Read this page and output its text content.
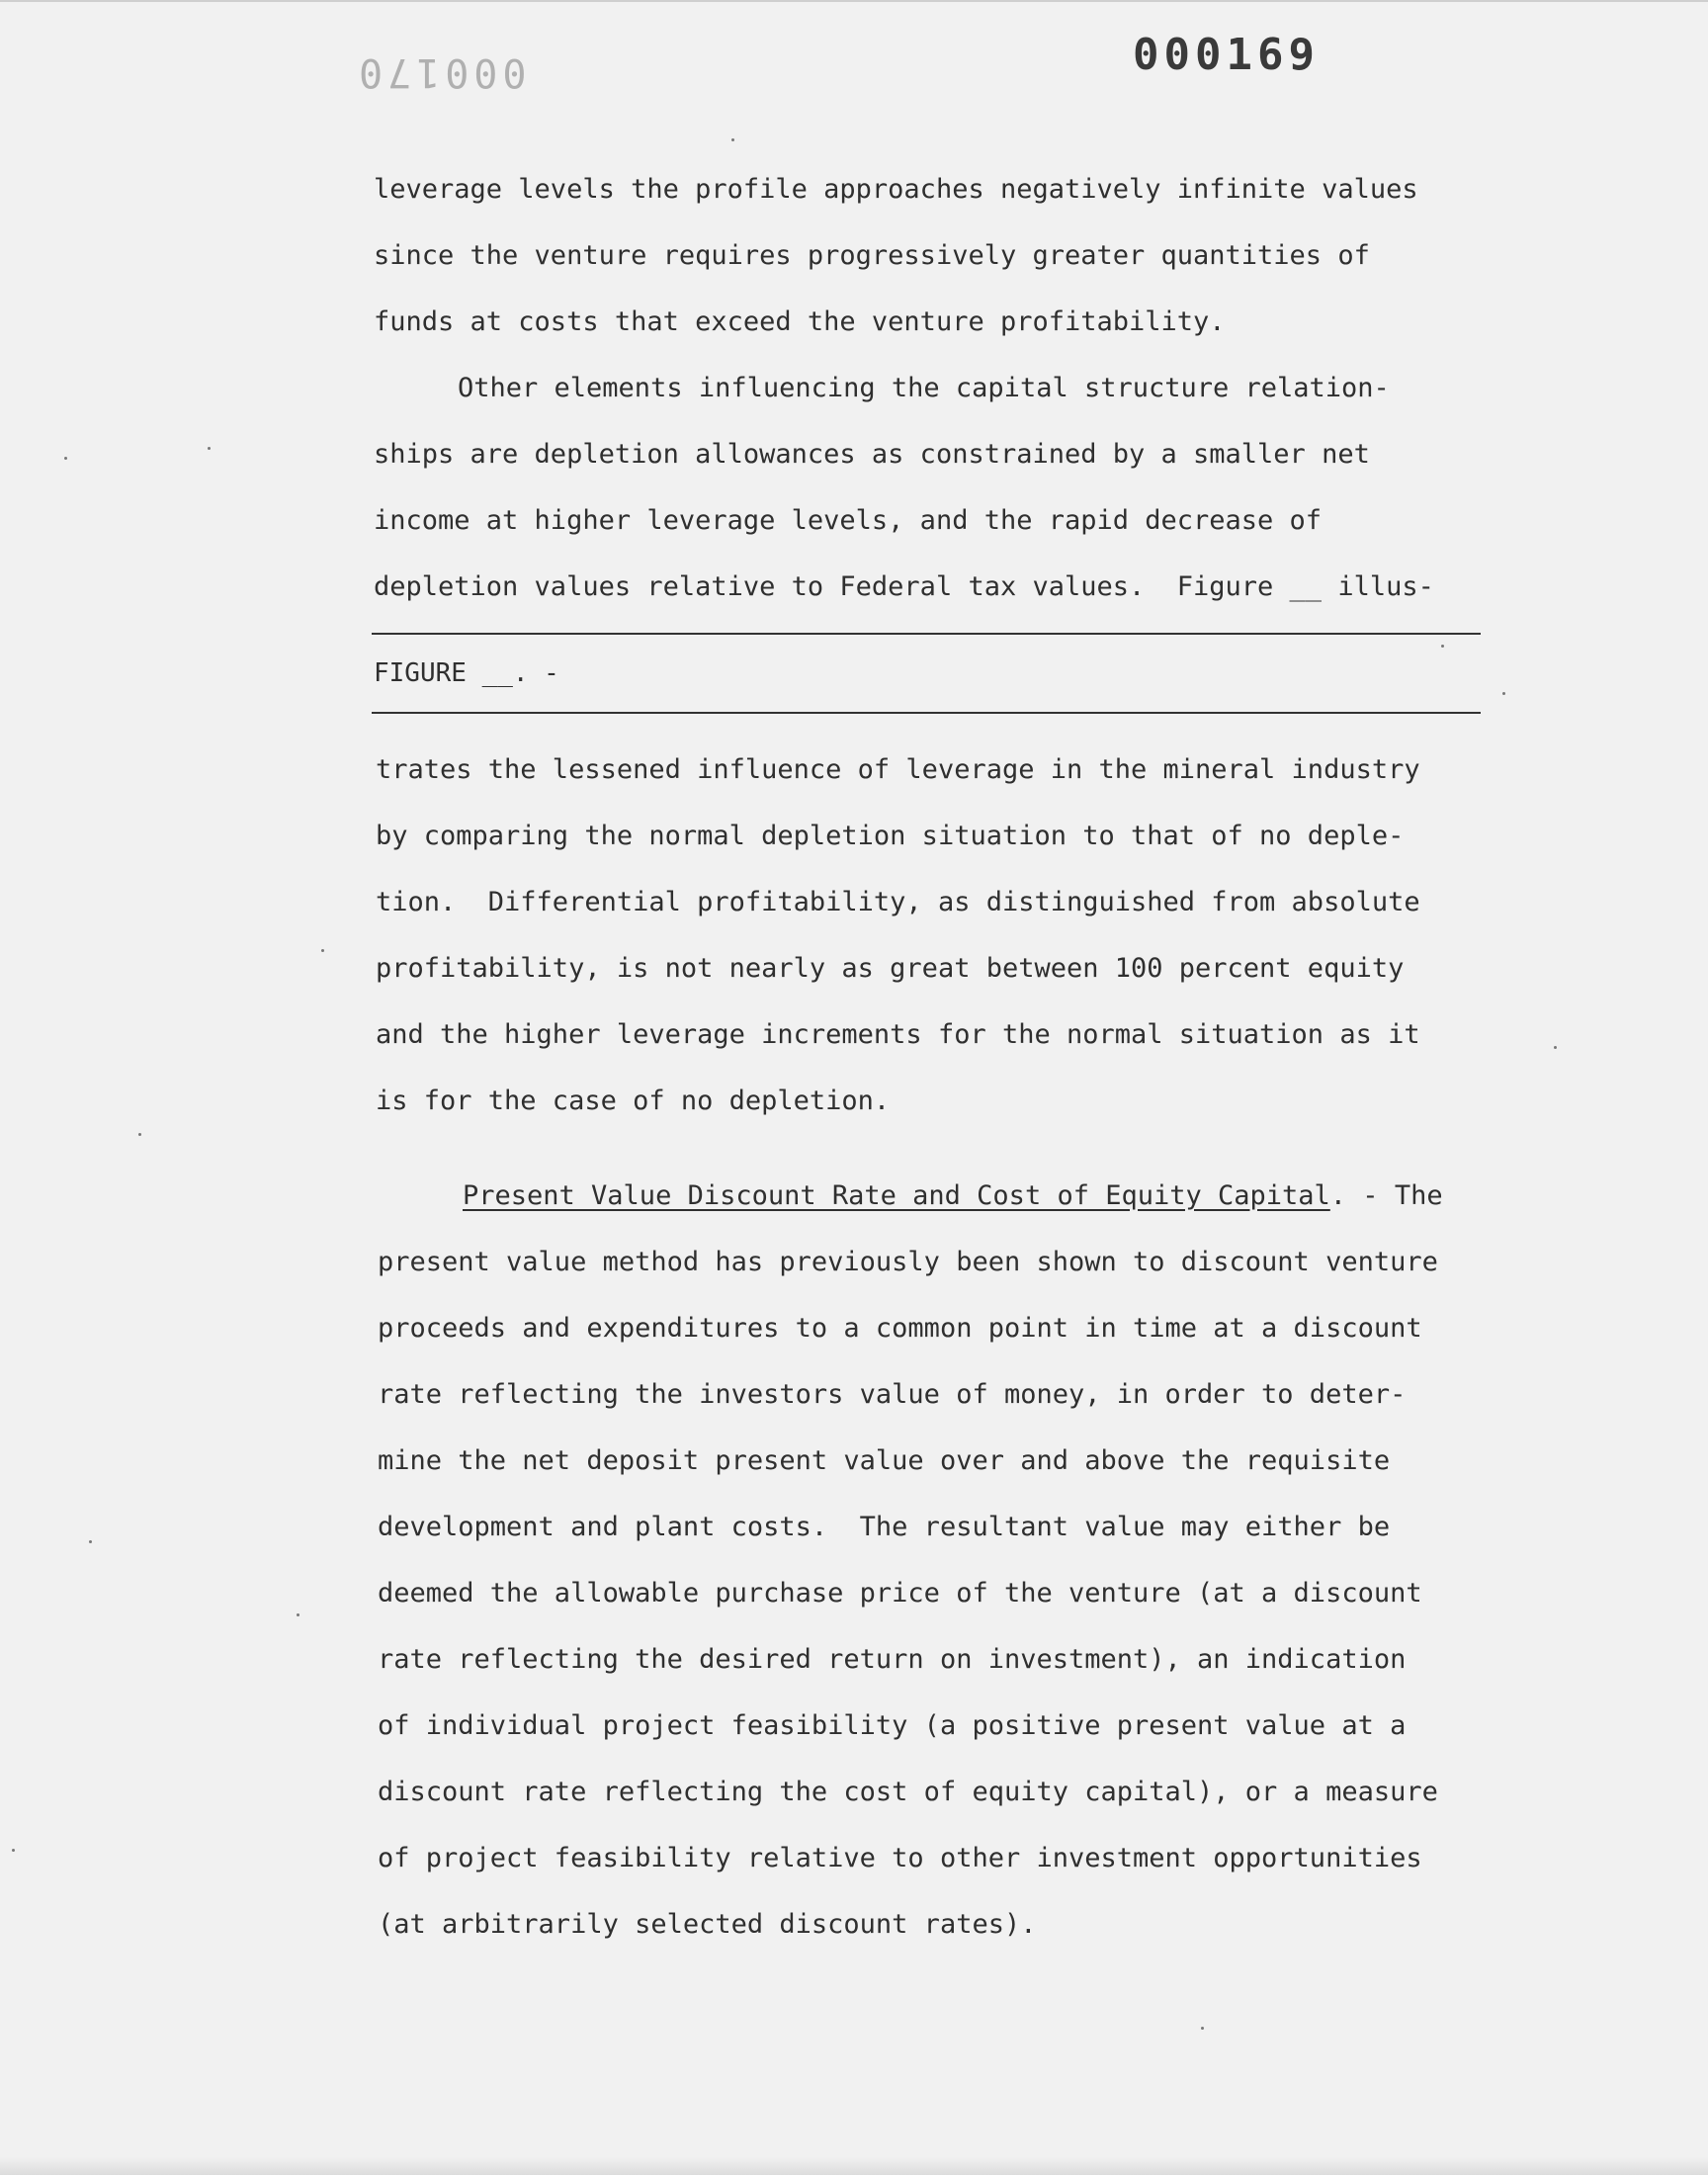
000170	000169
leverage levels the profile approaches negatively infinite values
since the venture requires progressively greater quantities of
funds at costs that exceed the venture profitability.
Other elements influencing the capital structure relation-
ships are depletion allowances as constrained by a smaller net
income at higher leverage levels, and the rapid decrease of
depletion values relative to Federal tax values.  Figure __ illus-
FIGURE __. -
trates the lessened influence of leverage in the mineral industry
by comparing the normal depletion situation to that of no deple-
tion.  Differential profitability, as distinguished from absolute
profitability, is not nearly as great between 100 percent equity
and the higher leverage increments for the normal situation as it
is for the case of no depletion.
Present Value Discount Rate and Cost of Equity Capital. - The
present value method has previously been shown to discount venture
proceeds and expenditures to a common point in time at a discount
rate reflecting the investors value of money, in order to deter-
mine the net deposit present value over and above the requisite
development and plant costs.  The resultant value may either be
deemed the allowable purchase price of the venture (at a discount
rate reflecting the desired return on investment), an indication
of individual project feasibility (a positive present value at a
discount rate reflecting the cost of equity capital), or a measure
of project feasibility relative to other investment opportunities
(at arbitrarily selected discount rates).
